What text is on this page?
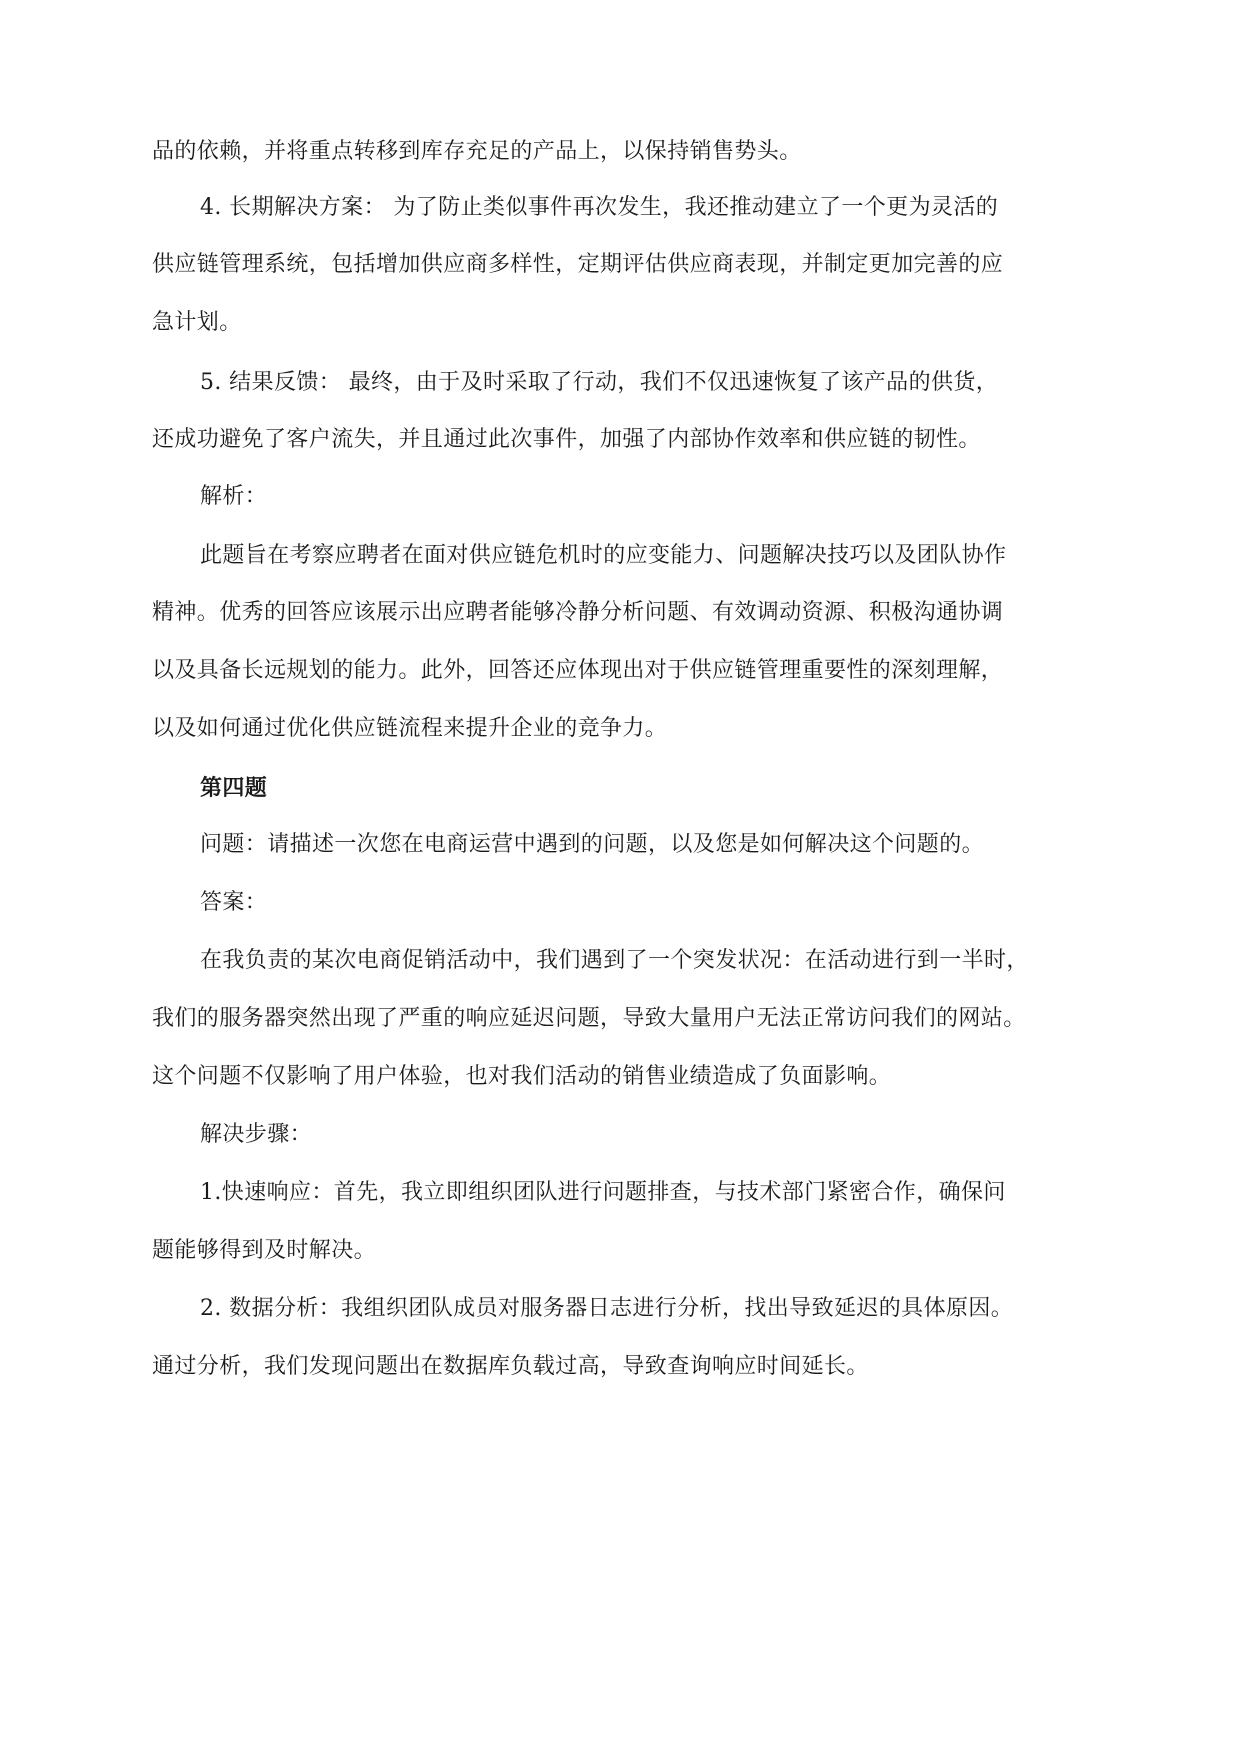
品的依赖，并将重点转移到库存充足的产品上，以保持销售势头。
4. 长期解决方案： 为了防止类似事件再次发生，我还推动建立了一个更为灵活的
供应链管理系统，包括增加供应商多样性，定期评估供应商表现，并制定更加完善的应
急计划。
5. 结果反馈： 最终，由于及时采取了行动，我们不仅迅速恢复了该产品的供货，
还成功避免了客户流失，并且通过此次事件，加强了内部协作效率和供应链的韧性。
解析：
此题旨在考察应聘者在面对供应链危机时的应变能力、问题解决技巧以及团队协作
精神。优秀的回答应该展示出应聘者能够冷静分析问题、有效调动资源、积极沟通协调
以及具备长远规划的能力。此外，回答还应体现出对于供应链管理重要性的深刻理解，
以及如何通过优化供应链流程来提升企业的竞争力。
第四题
问题：请描述一次您在电商运营中遇到的问题，以及您是如何解决这个问题的。
答案：
在我负责的某次电商促销活动中，我们遇到了一个突发状况：在活动进行到一半时，
我们的服务器突然出现了严重的响应延迟问题，导致大量用户无法正常访问我们的网站。
这个问题不仅影响了用户体验，也对我们活动的销售业绩造成了负面影响。
解决步骤：
1.快速响应：首先，我立即组织团队进行问题排查，与技术部门紧密合作，确保问
题能够得到及时解决。
2. 数据分析：我组织团队成员对服务器日志进行分析，找出导致延迟的具体原因。
通过分析，我们发现问题出在数据库负载过高，导致查询响应时间延长。
